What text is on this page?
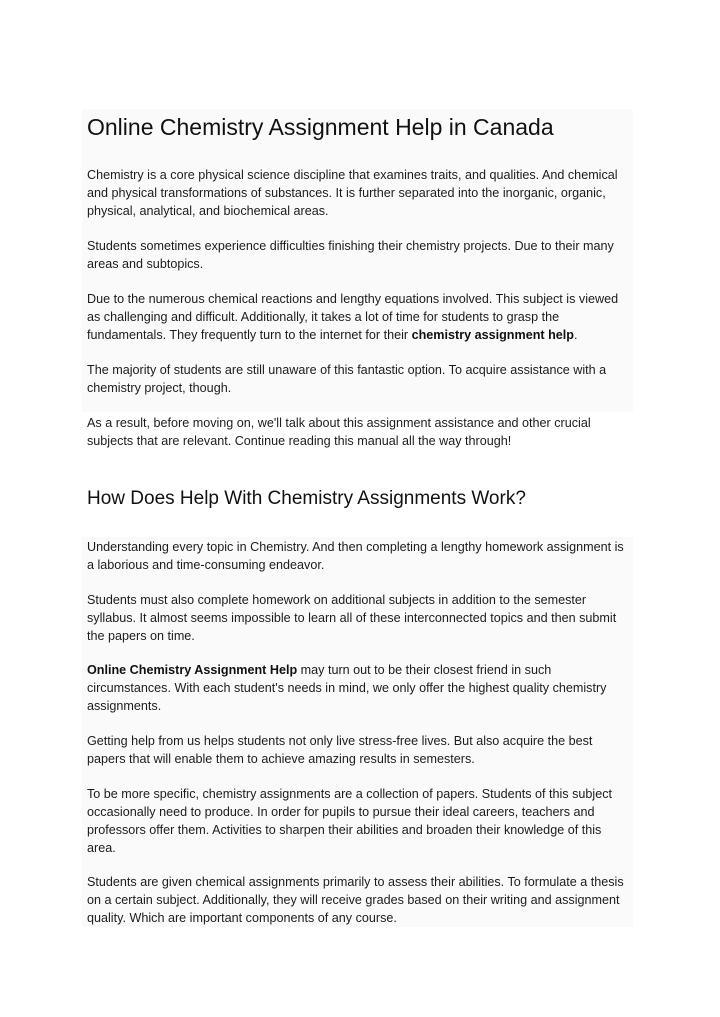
Online Chemistry Assignment Help in Canada

Chemistry is a core physical science discipline that examines traits, and qualities. And chemical and physical transformations of substances. It is further separated into the inorganic, organic, physical, analytical, and biochemical areas.

Students sometimes experience difficulties finishing their chemistry projects. Due to their many areas and subtopics.

Due to the numerous chemical reactions and lengthy equations involved. This subject is viewed as challenging and difficult. Additionally, it takes a lot of time for students to grasp the fundamentals. They frequently turn to the internet for their chemistry assignment help.

The majority of students are still unaware of this fantastic option. To acquire assistance with a chemistry project, though.

As a result, before moving on, we'll talk about this assignment assistance and other crucial subjects that are relevant. Continue reading this manual all the way through!

How Does Help With Chemistry Assignments Work?

Understanding every topic in Chemistry. And then completing a lengthy homework assignment is a laborious and time-consuming endeavor.

Students must also complete homework on additional subjects in addition to the semester syllabus. It almost seems impossible to learn all of these interconnected topics and then submit the papers on time.

Online Chemistry Assignment Help may turn out to be their closest friend in such circumstances. With each student's needs in mind, we only offer the highest quality chemistry assignments.

Getting help from us helps students not only live stress-free lives. But also acquire the best papers that will enable them to achieve amazing results in semesters.

To be more specific, chemistry assignments are a collection of papers. Students of this subject occasionally need to produce. In order for pupils to pursue their ideal careers, teachers and professors offer them. Activities to sharpen their abilities and broaden their knowledge of this area.

Students are given chemical assignments primarily to assess their abilities. To formulate a thesis on a certain subject. Additionally, they will receive grades based on their writing and assignment quality. Which are important components of any course.
